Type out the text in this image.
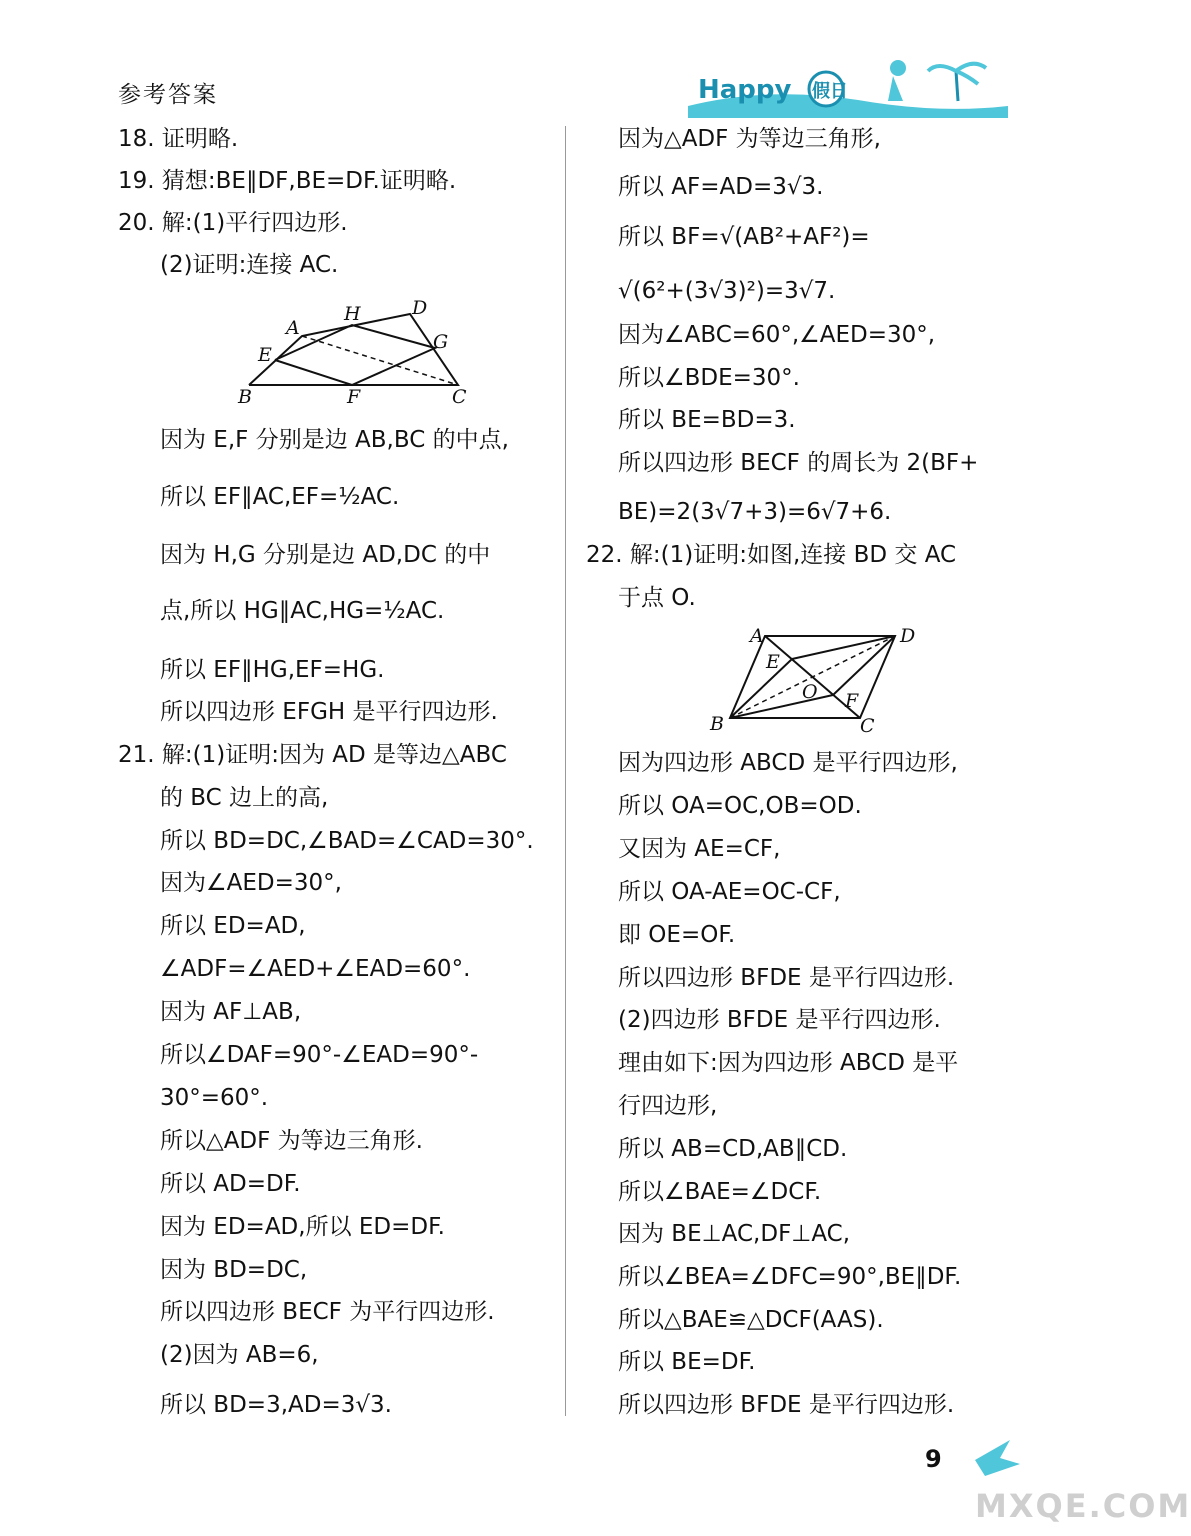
参考答案	Happy 假日
18. 证明略.
19. 猜想:BE∥DF,BE=DF.证明略.
20. 解:(1)平行四边形.
(2)证明:连接 AC.
因为 E,F 分别是边 AB,BC 的中点,
所以 EF∥AC,EF=½AC.
因为 H,G 分别是边 AD,DC 的中
点,所以 HG∥AC,HG=½AC.
所以 EF∥HG,EF=HG.
所以四边形 EFGH 是平行四边形.
21. 解:(1)证明:因为 AD 是等边△ABC
的 BC 边上的高,
所以 BD=DC,∠BAD=∠CAD=30°.
因为∠AED=30°,
所以 ED=AD,
∠ADF=∠AED+∠EAD=60°.
因为 AF⊥AB,
所以∠DAF=90°-∠EAD=90°-
30°=60°.
所以△ADF 为等边三角形.
所以 AD=DF.
因为 ED=AD,所以 ED=DF.
因为 BD=DC,
所以四边形 BECF 为平行四边形.
(2)因为 AB=6,
所以 BD=3,AD=3√3.
因为△ADF 为等边三角形,
所以 AF=AD=3√3.
所以 BF=√(AB²+AF²)=
√(6²+(3√3)²)=3√7.
因为∠ABC=60°,∠AED=30°,
所以∠BDE=30°.
所以 BE=BD=3.
所以四边形 BECF 的周长为 2(BF+
BE)=2(3√7+3)=6√7+6.
22. 解:(1)证明:如图,连接 BD 交 AC
于点 O.
因为四边形 ABCD 是平行四边形,
所以 OA=OC,OB=OD.
又因为 AE=CF,
所以 OA-AE=OC-CF,
即 OE=OF.
所以四边形 BFDE 是平行四边形.
(2)四边形 BFDE 是平行四边形.
理由如下:因为四边形 ABCD 是平
行四边形,
所以 AB=CD,AB∥CD.
所以∠BAE=∠DCF.
因为 BE⊥AC,DF⊥AC,
所以∠BEA=∠DFC=90°,BE∥DF.
所以△BAE≌△DCF(AAS).
所以 BE=DF.
所以四边形 BFDE 是平行四边形.
A
H	D
E
G
B	F	C
A	D
E
O F
B	C
9
MXQE.COM
